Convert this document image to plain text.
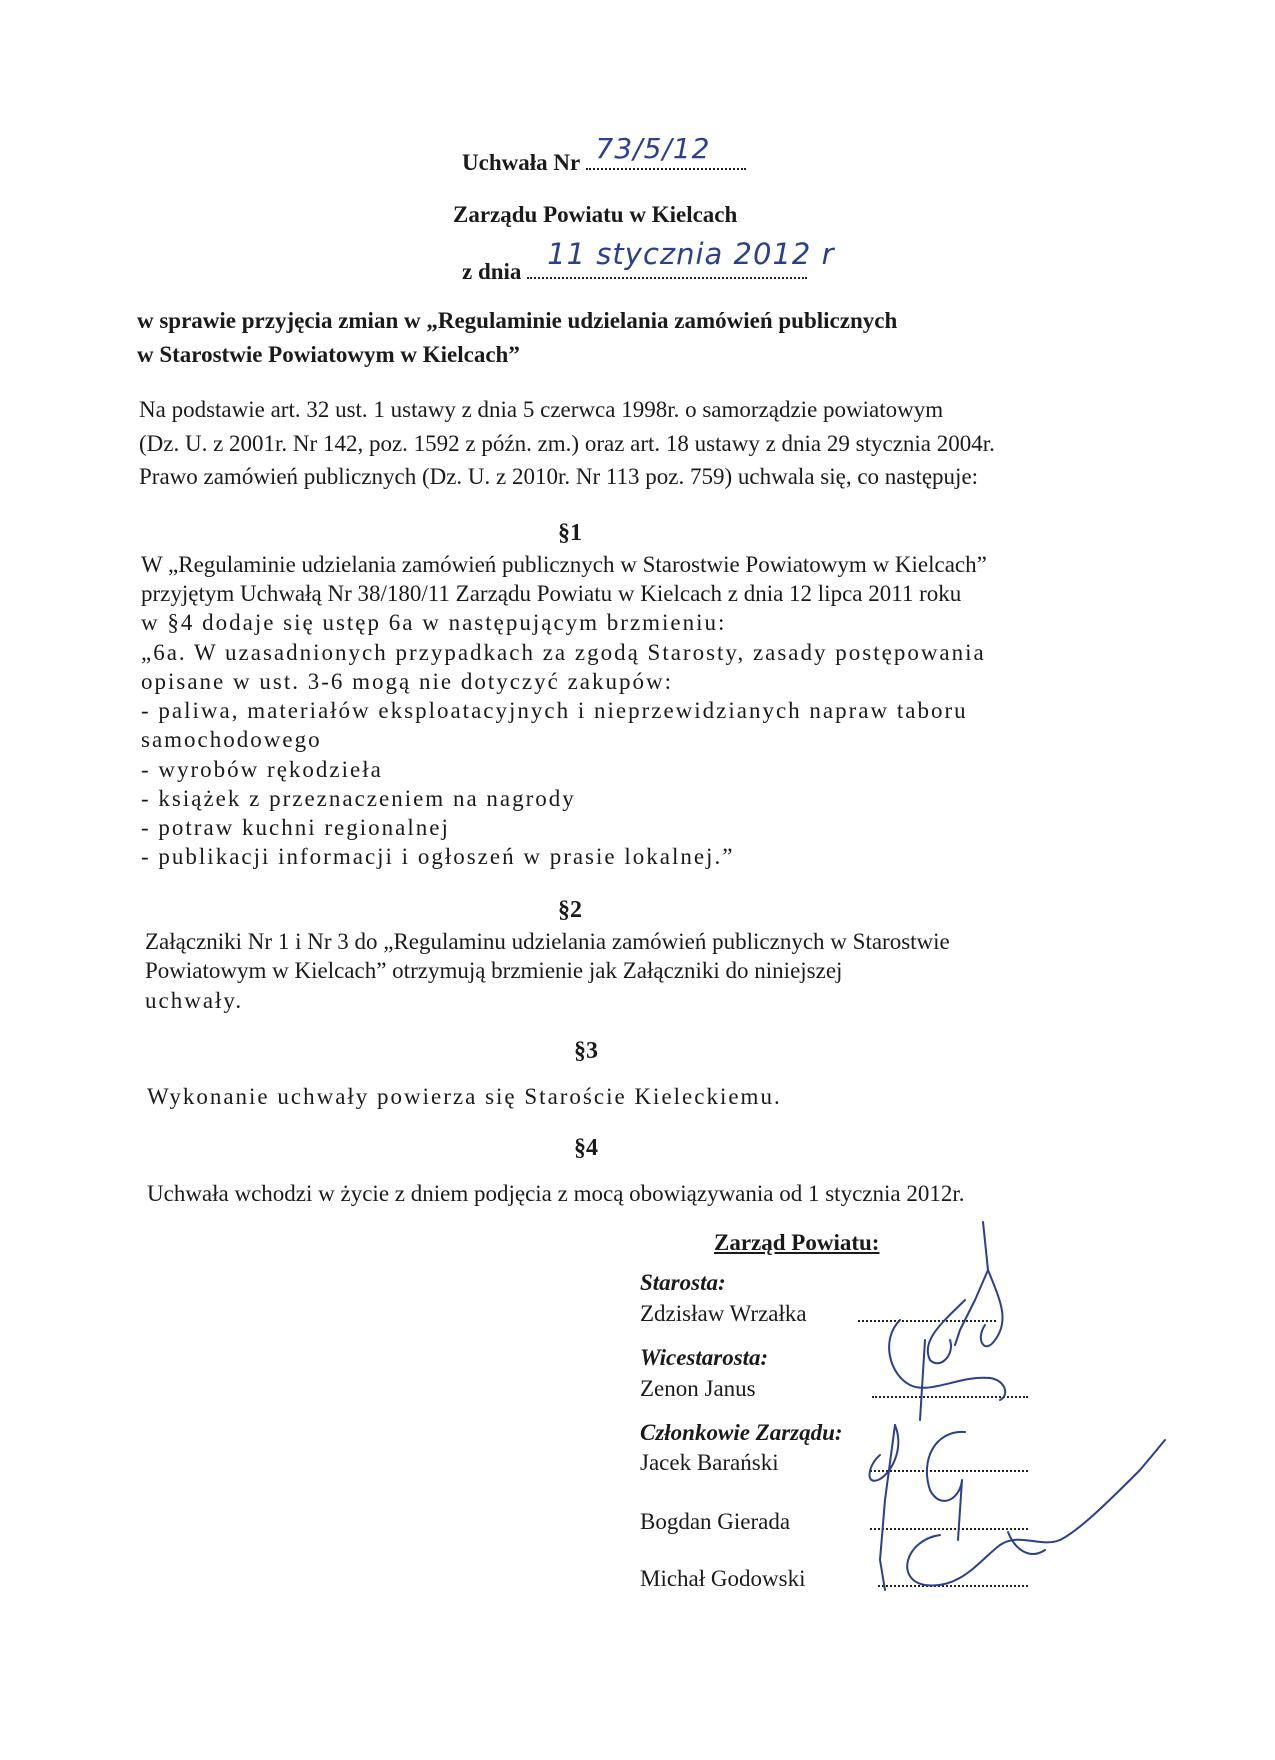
Uchwała Nr 73/5/12
Zarządu Powiatu w Kielcach
z dnia
11 stycznia 2012 r
w sprawie przyjęcia zmian w „Regulaminie udzielania zamówień publicznych
w Starostwie Powiatowym w Kielcach”
Na podstawie art. 32 ust. 1 ustawy z dnia 5 czerwca 1998r. o samorządzie powiatowym
(Dz. U. z 2001r. Nr 142, poz. 1592 z późn. zm.) oraz art. 18 ustawy z dnia 29 stycznia 2004r.
Prawo zamówień publicznych (Dz. U. z 2010r. Nr 113 poz. 759) uchwala się, co następuje:
§1
W „Regulaminie udzielania zamówień publicznych w Starostwie Powiatowym w Kielcach”
przyjętym Uchwałą Nr 38/180/11 Zarządu Powiatu w Kielcach z dnia 12 lipca 2011 roku
w §4 dodaje się ustęp 6a w następującym brzmieniu:
„6a. W uzasadnionych przypadkach za zgodą Starosty, zasady postępowania
opisane w ust. 3-6 mogą nie dotyczyć zakupów:
- paliwa, materiałów eksploatacyjnych i nieprzewidzianych napraw taboru
samochodowego
- wyrobów rękodzieła
- książek z przeznaczeniem na nagrody
- potraw kuchni regionalnej
- publikacji informacji i ogłoszeń w prasie lokalnej.”
§2
Załączniki Nr 1 i Nr 3 do „Regulaminu udzielania zamówień publicznych w Starostwie
Powiatowym w Kielcach” otrzymują brzmienie jak Załączniki do niniejszej
uchwały.
§3
Wykonanie uchwały powierza się Staroście Kieleckiemu.
§4
Uchwała wchodzi w życie z dniem podjęcia z mocą obowiązywania od 1 stycznia 2012r.
Zarząd Powiatu:
Starosta:
Zdzisław Wrzałka
Wicestarosta:
Zenon Janus
Członkowie Zarządu:
Jacek Barański
Bogdan Gierada
Michał Godowski
